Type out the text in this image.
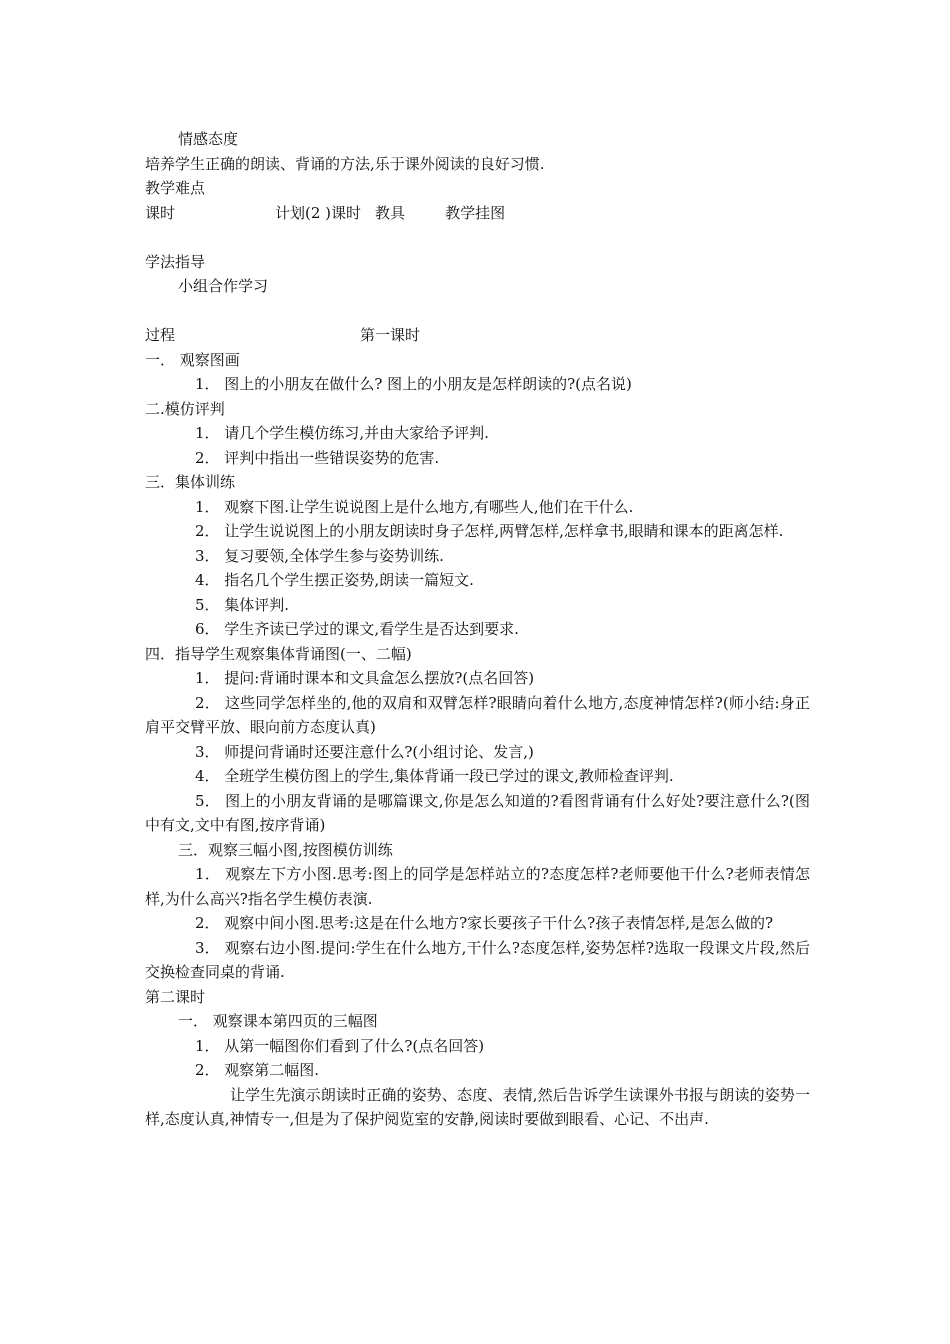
情感态度

培养学生正确的朗读、背诵的方法,乐于课外阅读的良好习惯.

教学难点

课时	计划(2 )课时 教具	教学挂图

学法指导

小组合作学习

过程	第一课时

一． 观察图画

1． 图上的小朋友在做什么? 图上的小朋友是怎样朗读的?(点名说)

二.模仿评判

1． 请几个学生模仿练习,并由大家给予评判.

2． 评判中指出一些错误姿势的危害.

三．集体训练

1． 观察下图.让学生说说图上是什么地方,有哪些人,他们在干什么.

2． 让学生说说图上的小朋友朗读时身子怎样,两臂怎样,怎样拿书,眼睛和课本的距离怎样.

3． 复习要领,全体学生参与姿势训练.

4． 指名几个学生摆正姿势,朗读一篇短文.

5． 集体评判.

6． 学生齐读已学过的课文,看学生是否达到要求.

四．指导学生观察集体背诵图(一、二幅)

1． 提问:背诵时课本和文具盒怎么摆放?(点名回答)

2． 这些同学怎样坐的,他的双肩和双臂怎样?眼睛向着什么地方,态度神情怎样?(师小结:身正肩平交臂平放、眼向前方态度认真)

3． 师提问背诵时还要注意什么?(小组讨论、发言,)

4． 全班学生模仿图上的学生,集体背诵一段已学过的课文,教师检查评判.

5． 图上的小朋友背诵的是哪篇课文,你是怎么知道的?看图背诵有什么好处?要注意什么?(图中有文,文中有图,按序背诵)

三．观察三幅小图,按图模仿训练

1． 观察左下方小图.思考:图上的同学是怎样站立的?态度怎样?老师要他干什么?老师表情怎样,为什么高兴?指名学生模仿表演.

2． 观察中间小图.思考:这是在什么地方?家长要孩子干什么?孩子表情怎样,是怎么做的?

3． 观察右边小图.提问:学生在什么地方,干什么?态度怎样,姿势怎样?选取一段课文片段,然后交换检查同桌的背诵.

第二课时

一． 观察课本第四页的三幅图

1． 从第一幅图你们看到了什么?(点名回答)

2． 观察第二幅图.

让学生先演示朗读时正确的姿势、态度、表情,然后告诉学生读课外书报与朗读的姿势一样,态度认真,神情专一,但是为了保护阅览室的安静,阅读时要做到眼看、心记、不出声.
